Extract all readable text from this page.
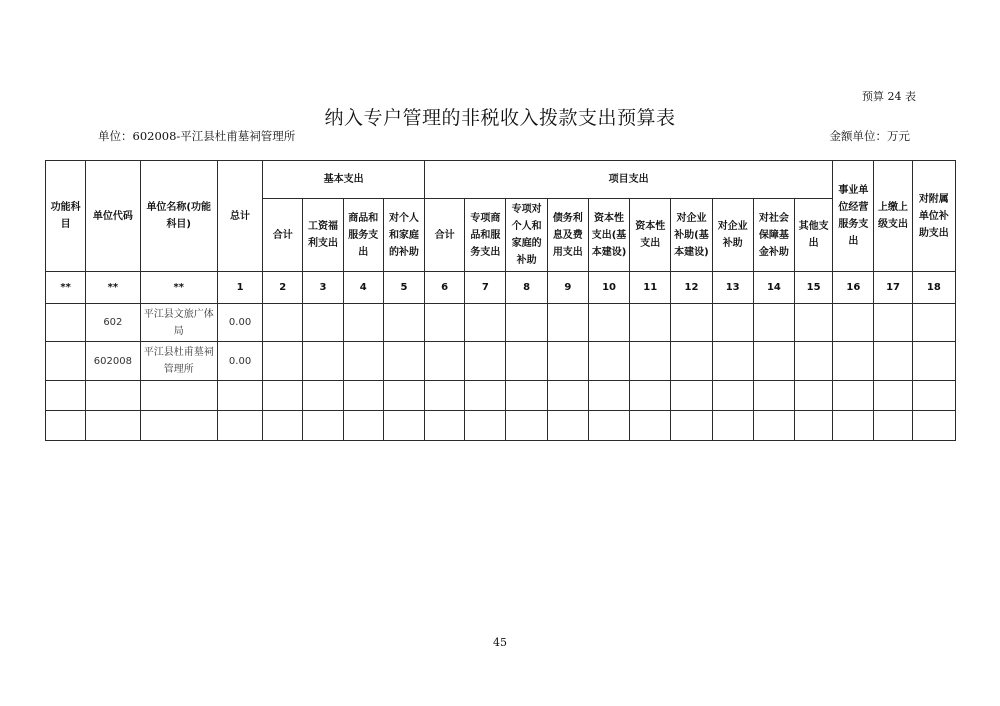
预算 24 表
纳入专户管理的非税收入拨款支出预算表
单位：602008-平江县杜甫墓祠管理所	金额单位：万元
功能科目	单位代码	单位名称(功能科目)	总计	基本支出				项目支出										事业单位经营服务支出	上缴上级支出	对附属单位补助支出
				合计	工资福利支出	商品和服务支出	对个人和家庭的补助	合计	专项商品和服务支出	专项对个人和家庭的补助	债务利息及费用支出	资本性支出(基本建设)	资本性支出	对企业补助(基本建设)	对企业补助	对社会保障基金补助	其他支出			
**	**	**	1	2	3	4	5	6	7	8	9	10	11	12	13	14	15	16	17	18
	602	平江县文旅广体局	0.00																	
	602008	平江县杜甫墓祠管理所	0.00																	

45
